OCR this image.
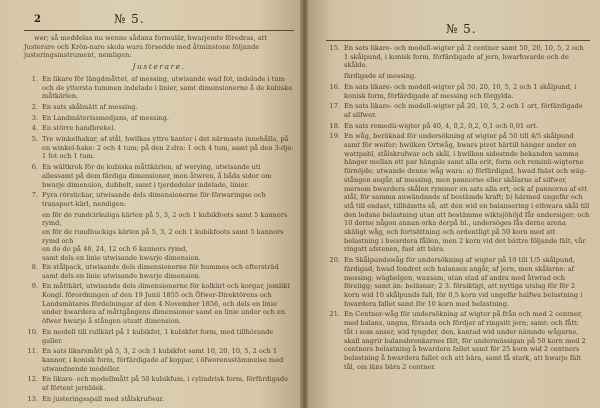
2	№ 5.

wer; så meddelas nu wenne sådana formulär, hwarjemte föredras, att Justerare och Krön-nare skola wara försedde med åtminstone följande justeringsinstrument, nemligen:

Justerare.
1. En likare för längdmåttet, af messing, utwisande wad fot, indelade i tum och de yttersta tummen indelade i linier, samt dimensionerne å de kubiska måtkärlen.
2. En sats skålmätt af messing.
3. En Landmäterissmedjans, af messing.
4. En större handbrekel.
5. Tre winkelhakar, af stål, hwilkas yttre kanter i det närmaste innehålla, på en winkel-hake: 2 och 4 tum; på den 2:dra: 1 och 4 tum, samt på den 3:dje: 1 fot och 1 tum.
6. En wältkrok för de kubiska måttkärlen, af werying, utwisande uti allessamt på dem färdiga dimensioner, men åtwren, å båda sidor om hwarje dimension, dubbelt, samt i tjerdedelar indelade, linier.
7. Fyra rörstickar, utwisande dels dimensionerne för förwaringse och transport-kärl, nemligen:
en för de rundcirkuliga kärlen på 5, 3, 2 och 1 kubikfoots samt 5 kannors rymd,
en för de rundbuckigs kärlen på 5, 3, 2 och 1 kubikfoots samt 5 kannors rymd och
en do do på 48, 24, 12 och 6 kannors rymd,
samt dels en linie utwisande hwarje dimension.
8. En stålpack, utwisande dels dimensionerne för hummes och eftersträd samt dels en linie utwisande hwarje dimension.
9. En måttkärl, utwisande dels dimensionerne för kolkärl och korgar, jemlikt Kongl. förordningen af den 19 Junii 1855 och Öfwer-Direktörens och Landsmätares fördelningar af den 4 November 1856, och dels en linie under hwardera af måttgångens dimensioner samt en linie under och en öfwer hwarje å stången utsatt dimension.
10. En modell till rullkärl på 1 kubikfot, 1 kubikfot form, med tillhörande galler.
11. En sats likarsmått på 5, 3, 2 och 1 kubikfot samt 10, 20, 10, 5, 2 och 1 kannor, i konisk form, förfärdigade af koppar, i öfwerensstämmelse med utwandnende modeller.
12. En likare- och modellmått på 50 kubikfum, i cylindrisk form, förfärdigade af förtent jernblek.
13. En justeringsspall med stålskrufwar.
№ 5.
15. En sats likare- och modell-wigter på 2 centner samt 50, 20, 10, 5, 2 och 1 skålpund, i konisk form, förfärdigade af jern, hwarhwarde och de skålde.
färdigade af messing.
16. En sats likare- och modell-wigter på 50, 20, 10, 5, 2 och 1 skålpund, i konisk form, förfärdigade af messing och förgylda.
17. En sats likare- och modell-wigter på 20, 10, 5, 2 och 1 ort, förfärdigade af silfwer.
18. En sats remedii-wigter på 40, 4, 0,2, 0,2, 0,1 och 0,01 ort.
19. En wåg, beräknad för undersökning af wigter på 50 till 4/5 skålpund samt för weifer; hwilken Ortwåg, hwars pivot härtill hänger under en wattpahl, stålskrufwar och skål, i hwilken sidostnde bekanden samma hänger mellan ett par hängsle samt alla erit, form och reminii-wigterne förnöjde; utwande denne wåg wara: a) förfärdigad, hwad fnäst och wäg-stången angår, af messing, men pannorne eller skålarne af silfwer, mersom bwardera skålen rymmer en sats alla ert, ock af pannorna af ett stål, för samma anwändande af bestämde kraft; b) härmed ungefär och stå till endast, tillhämtts så, att den wid en balansering i ethwara skål till den ledsne belastning utan att bestämme wiktsjöhöjd får undersiger; och 10 derne någon annan orka derpå bl., undersöges fås derne arena skäligt wåg, och fortsättning och ordentligt på 50 korn med att belastning i hwardera fållen, men 2 korn vid det bättre följande fält, vår ringatt afstenen, fast att bära.
20. En Skålpundswåg för undersökning af wigter på 10 till 1/5 skålpund, färdigad, hwad fondret och balansen angår, af jern, men skålarne: af messing; wägbelgen, waxsam, utan stad af andra med åtwrad och föreligg; samt än: beläsnar; 2 3. försiktigt, att nyttiga utslag för för 2 korn wid 10 skålpunds fall, för 0,5 korn vid ungefär halfwa belastning i hwardera fallet samt för 10 korn med belastning.
21. En Centner-wåg för undersökning af wigter på från och med 2 centner, med balans, ungna, försada och fördjer af ringsitt jern; samt: och fått: tåt i som anser, wid tyngder, den, kantad wid under nämnde wågarne, skall angrir balansbrenkarnes fält, för undermässigan på 50 korn med 2 centners belastning å hwardera fallet samt för 25 korn wid 2 centners belastning å hwardera fallet och att bära, samt få stark, att hwarje fält tål, om läns bära 2 centner.
